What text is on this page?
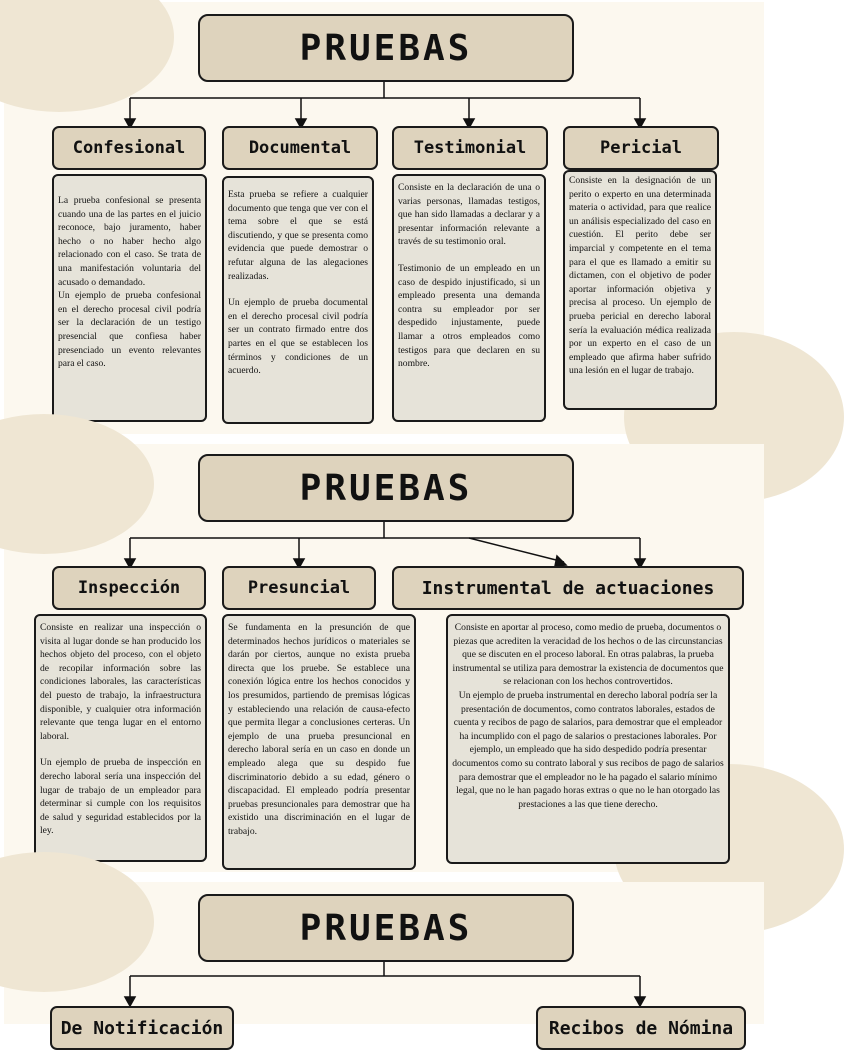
PRUEBAS
Confesional	Documental	Testimonial	Pericial

La prueba confesional se presenta cuando una de las partes en el juicio reconoce, bajo juramento, haber hecho o no haber hecho algo relacionado con el caso. Se trata de una manifestación voluntaria del acusado o demandado.

Un ejemplo de prueba confesional en el derecho procesal civil podría ser la declaración de un testigo presencial que confiesa haber presenciado un evento relevantes para el caso.

Esta prueba se refiere a cualquier documento que tenga que ver con el tema sobre el que se está discutiendo, y que se presenta como evidencia que puede demostrar o refutar alguna de las alegaciones realizadas.

Un ejemplo de prueba documental en el derecho procesal civil podría ser un contrato firmado entre dos partes en el que se establecen los términos y condiciones de un acuerdo.

Consiste en la declaración de una o varias personas, llamadas testigos, que han sido llamadas a declarar y a presentar información relevante a través de su testimonio oral.

Testimonio de un empleado en un caso de despido injustificado, si un empleado presenta una demanda contra su empleador por ser despedido injustamente, puede llamar a otros empleados como testigos para que declaren en su nombre.

Consiste en la designación de un perito o experto en una determinada materia o actividad, para que realice un análisis especializado del caso en cuestión. El perito debe ser imparcial y competente en el tema para el que es llamado a emitir su dictamen, con el objetivo de poder aportar información objetiva y precisa al proceso. Un ejemplo de prueba pericial en derecho laboral sería la evaluación médica realizada por un experto en el caso de un empleado que afirma haber sufrido una lesión en el lugar de trabajo.

PRUEBAS
Inspección	Presuncial	Instrumental de actuaciones

Consiste en realizar una inspección o visita al lugar donde se han producido los hechos objeto del proceso, con el objeto de recopilar información sobre las condiciones laborales, las características del puesto de trabajo, la infraestructura disponible, y cualquier otra información relevante que tenga lugar en el entorno laboral.

Un ejemplo de prueba de inspección en derecho laboral sería una inspección del lugar de trabajo de un empleador para determinar si cumple con los requisitos de salud y seguridad establecidos por la ley.

Se fundamenta en la presunción de que determinados hechos jurídicos o materiales se darán por ciertos, aunque no exista prueba directa que los pruebe. Se establece una conexión lógica entre los hechos conocidos y los presumidos, partiendo de premisas lógicas y estableciendo una relación de causa-efecto que permita llegar a conclusiones certeras. Un ejemplo de una prueba presuncional en derecho laboral sería en un caso en donde un empleado alega que su despido fue discriminatorio debido a su edad, género o discapacidad. El empleado podría presentar pruebas presuncionales para demostrar que ha existido una discriminación en el lugar de trabajo.

Consiste en aportar al proceso, como medio de prueba, documentos o piezas que acrediten la veracidad de los hechos o de las circunstancias que se discuten en el proceso laboral. En otras palabras, la prueba instrumental se utiliza para demostrar la existencia de documentos que se relacionan con los hechos controvertidos.

Un ejemplo de prueba instrumental en derecho laboral podría ser la presentación de documentos, como contratos laborales, estados de cuenta y recibos de pago de salarios, para demostrar que el empleador ha incumplido con el pago de salarios o prestaciones laborales. Por ejemplo, un empleado que ha sido despedido podría presentar documentos como su contrato laboral y sus recibos de pago de salarios para demostrar que el empleador no le ha pagado el salario mínimo legal, que no le han pagado horas extras o que no le han otorgado las prestaciones a las que tiene derecho.

PRUEBAS
De Notificación	Recibos de Nómina
